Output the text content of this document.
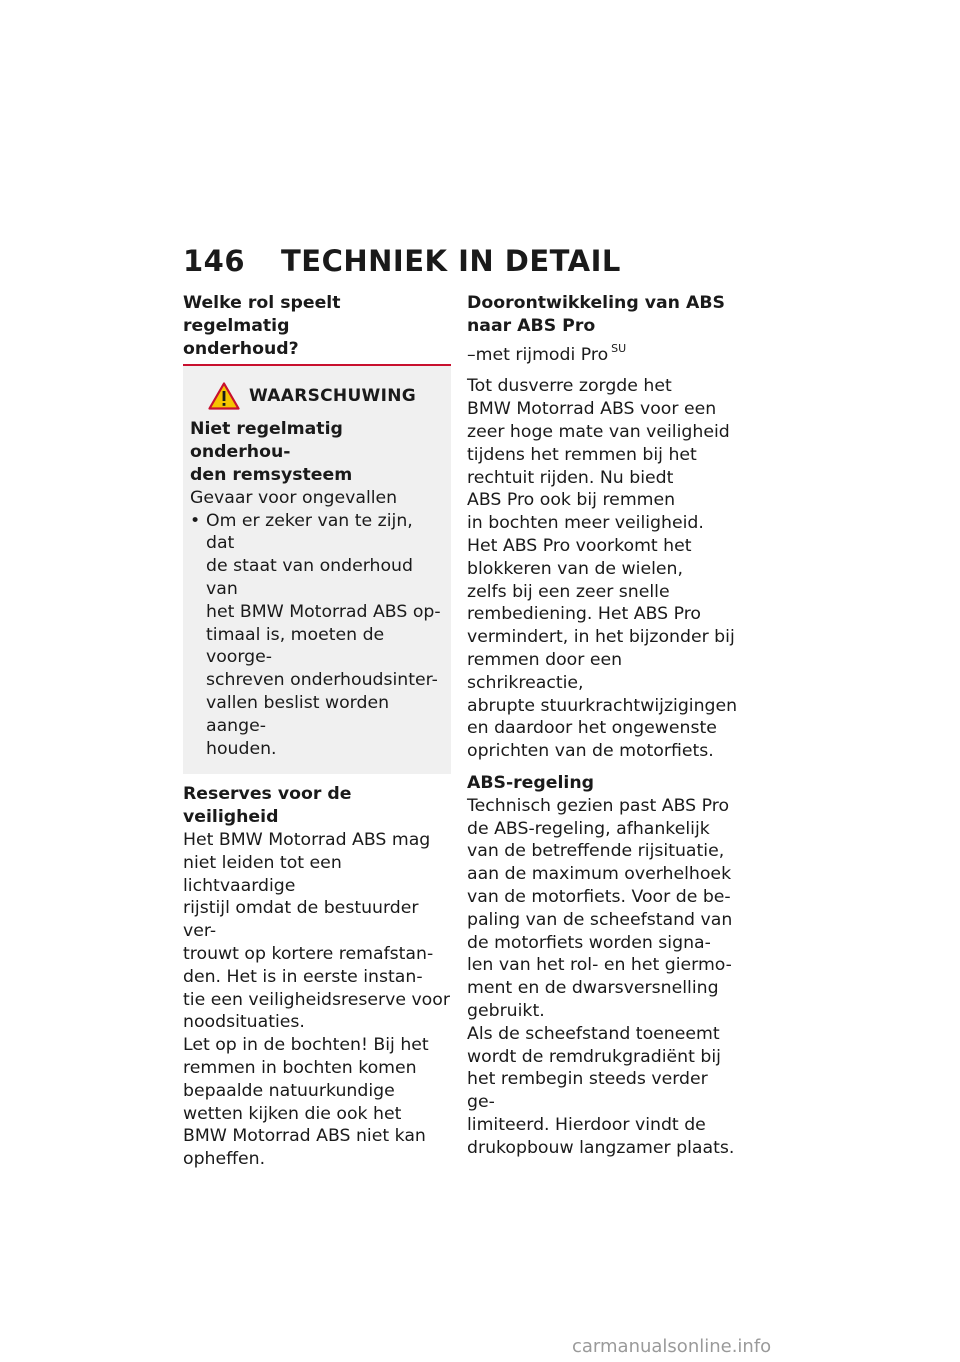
146 TECHNIEK IN DETAIL
Welke rol speelt regelmatig
onderhoud?
WAARSCHUWING
Niet regelmatig onderhou-
den remsysteem
Gevaar voor ongevallen
• Om er zeker van te zijn, dat
de staat van onderhoud van
het BMW Motorrad ABS op-
timaal is, moeten de voorge-
schreven onderhoudsinter-
vallen beslist worden aange-
houden.
Reserves voor de veiligheid
Het BMW Motorrad ABS mag
niet leiden tot een lichtvaardige
rijstijl omdat de bestuurder ver-
trouwt op kortere remafstan-
den. Het is in eerste instan-
tie een veiligheidsreserve voor
noodsituaties.
Let op in de bochten! Bij het
remmen in bochten komen
bepaalde natuurkundige
wetten kijken die ook het
BMW Motorrad ABS niet kan
opheffen.
Doorontwikkeling van ABS
naar ABS Pro
–met rijmodi Pro $^{SU}$
Tot dusverre zorgde het
BMW Motorrad ABS voor een
zeer hoge mate van veiligheid
tijdens het remmen bij het
rechtuit rijden. Nu biedt
ABS Pro ook bij remmen
in bochten meer veiligheid.
Het ABS Pro voorkomt het
blokkeren van de wielen,
zelfs bij een zeer snelle
rembediening. Het ABS Pro
vermindert, in het bijzonder bij
remmen door een schrikreactie,
abrupte stuurkrachtwijzigingen
en daardoor het ongewenste
oprichten van de motorfiets.
ABS-regeling
Technisch gezien past ABS Pro
de ABS-regeling, afhankelijk
van de betreffende rijsituatie,
aan de maximum overhelhoek
van de motorfiets. Voor de be-
paling van de scheefstand van
de motorfiets worden signa-
len van het rol- en het giermo-
ment en de dwarsversnelling
gebruikt.
Als de scheefstand toeneemt
wordt de remdrukgradiënt bij
het rembegin steeds verder ge-
limiteerd. Hierdoor vindt de
drukopbouw langzamer plaats.
carmanualsonline.info
